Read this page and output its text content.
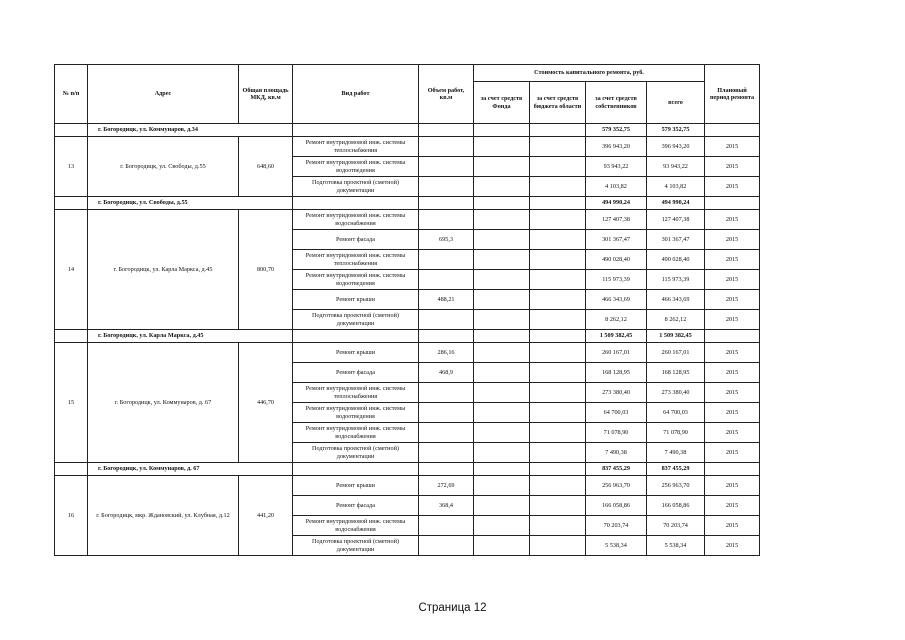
№ п/п	Адрес	Общая площадь МКД, кв.м	Вид работ	Объем работ, кв.м	Стоимость капитального ремонта, руб.				Плановый период ремонта
					за счет средств Фонда	за счет средств бюджета области	за счет средств собственников	всего	
	г. Богородицк, ул. Коммунаров, д.34						579 352,75	579 352,75	
13	г. Богородицк, ул. Свободы, д.55	648,60	Ремонт внутридомовой инж. системы теплоснабжения				396 943,20	396 943,20	2015
			Ремонт внутридомовой инж. системы водоотведения				93 943,22	93 943,22	2015
			Подготовка проектной (сметной) документации				4 103,82	4 103,82	2015
	г. Богородицк, ул. Свободы, д.55						494 990,24	494 990,24	
14	г. Богородицк, ул. Карла Маркса, д.45	800,70	Ремонт внутридомовой инж. системы водоснабжения				127 407,38	127 407,38	2015
			Ремонт фасада	695,3			301 367,47	301 367,47	2015
			Ремонт внутридомовой инж. системы теплоснабжения				490 028,40	490 028,40	2015
			Ремонт внутридомовой инж. системы водоотведения				115 973,39	115 973,39	2015
			Ремонт крыши	488,21			466 343,69	466 343,69	2015
			Подготовка проектной (сметной) документации				8 262,12	8 262,12	2015
	г. Богородицк, ул. Карла Маркса, д.45						1 509 382,45	1 509 382,45	
15	г. Богородицк, ул. Коммунаров, д. 67	446,70	Ремонт крыши	286,16			260 167,01	260 167,01	2015
			Ремонт фасада	468,9			168 128,95	168 128,95	2015
			Ремонт внутридомовой инж. системы теплоснабжения				273 380,40	273 380,40	2015
			Ремонт внутридомовой инж. системы водоотведения				64 700,03	64 700,03	2015
			Ремонт внутридомовой инж. системы водоснабжения				71 078,90	71 078,90	2015
			Подготовка проектной (сметной) документации				7 490,38	7 490,38	2015
	г. Богородицк, ул. Коммунаров, д. 67						837 455,29	837 455,29	
16	г. Богородицк, мкр. Ждановский, ул. Клубная, д.12	441,20	Ремонт крыши	272,69			256 963,70	256 963,70	2015
			Ремонт фасада	368,4			166 058,86	166 058,86	2015
			Ремонт внутридомовой инж. системы водоснабжения				70 203,74	70 203,74	2015
			Подготовка проектной (сметной) документации				5 538,34	5 538,34	2015
Страница 12
